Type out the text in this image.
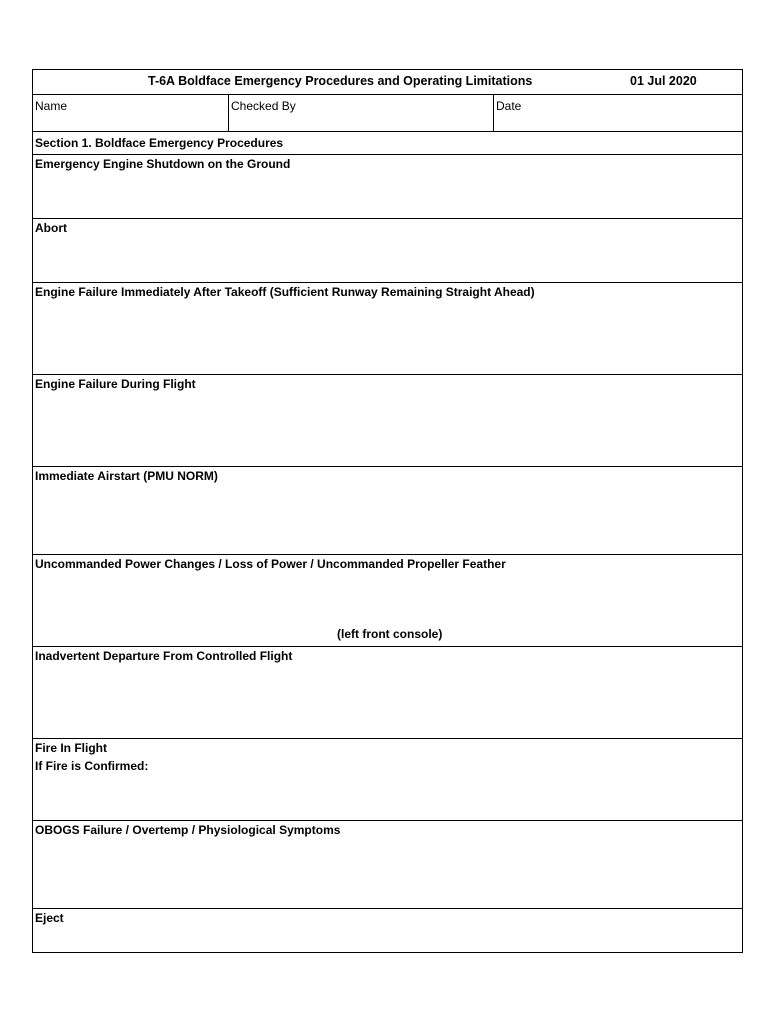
T-6A Boldface Emergency Procedures and Operating Limitations	01 Jul 2020
Name	Checked By	Date
Section 1. Boldface Emergency Procedures
Emergency Engine Shutdown on the Ground
Abort
Engine Failure Immediately After Takeoff (Sufficient Runway Remaining Straight Ahead)
Engine Failure During Flight
Immediate Airstart (PMU NORM)
Uncommanded Power Changes / Loss of Power / Uncommanded Propeller Feather
(left front console)
Inadvertent Departure From Controlled Flight
Fire In Flight
If Fire is Confirmed:
OBOGS Failure / Overtemp / Physiological Symptoms
Eject
